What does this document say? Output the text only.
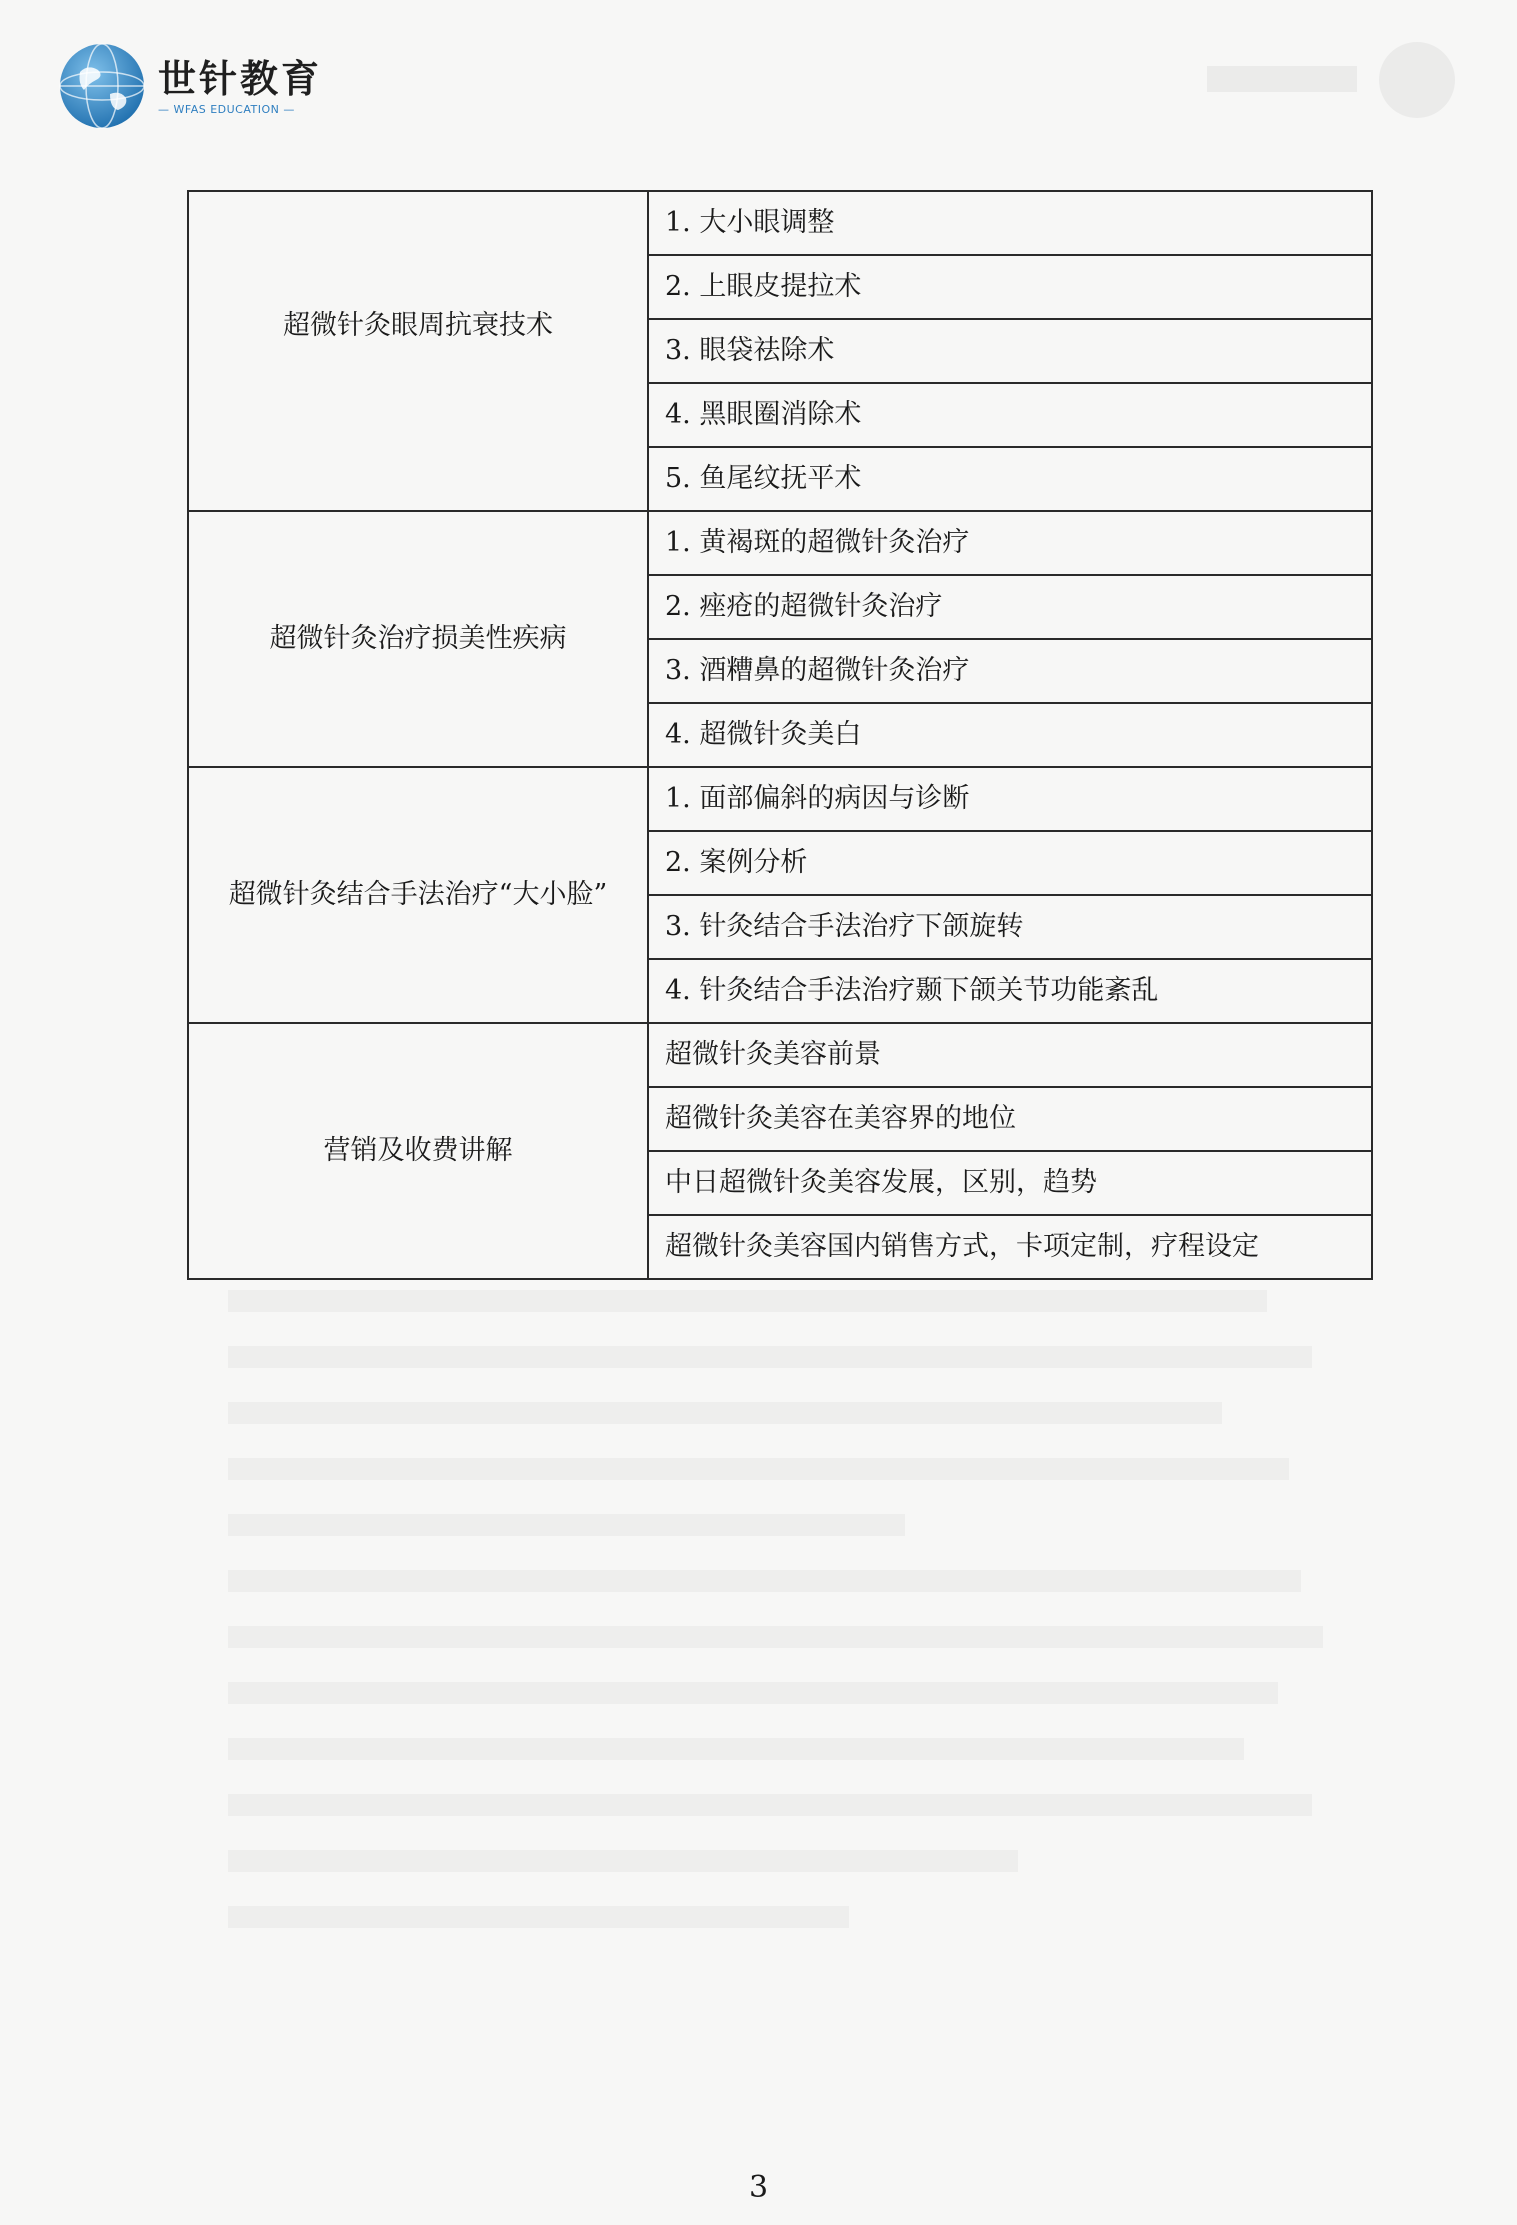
世针教育
— WFAS EDUCATION —
超微针灸眼周抗衰技术	1. 大小眼调整
	2. 上眼皮提拉术
	3. 眼袋祛除术
	4. 黑眼圈消除术
	5. 鱼尾纹抚平术
超微针灸治疗损美性疾病	1. 黄褐斑的超微针灸治疗
	2. 痤疮的超微针灸治疗
	3. 酒糟鼻的超微针灸治疗
	4. 超微针灸美白
超微针灸结合手法治疗“大小脸”	1. 面部偏斜的病因与诊断
	2. 案例分析
	3. 针灸结合手法治疗下颌旋转
	4. 针灸结合手法治疗颞下颌关节功能紊乱
营销及收费讲解	超微针灸美容前景
	超微针灸美容在美容界的地位
	中日超微针灸美容发展，区别，趋势
	超微针灸美容国内销售方式，卡项定制，疗程设定
3
